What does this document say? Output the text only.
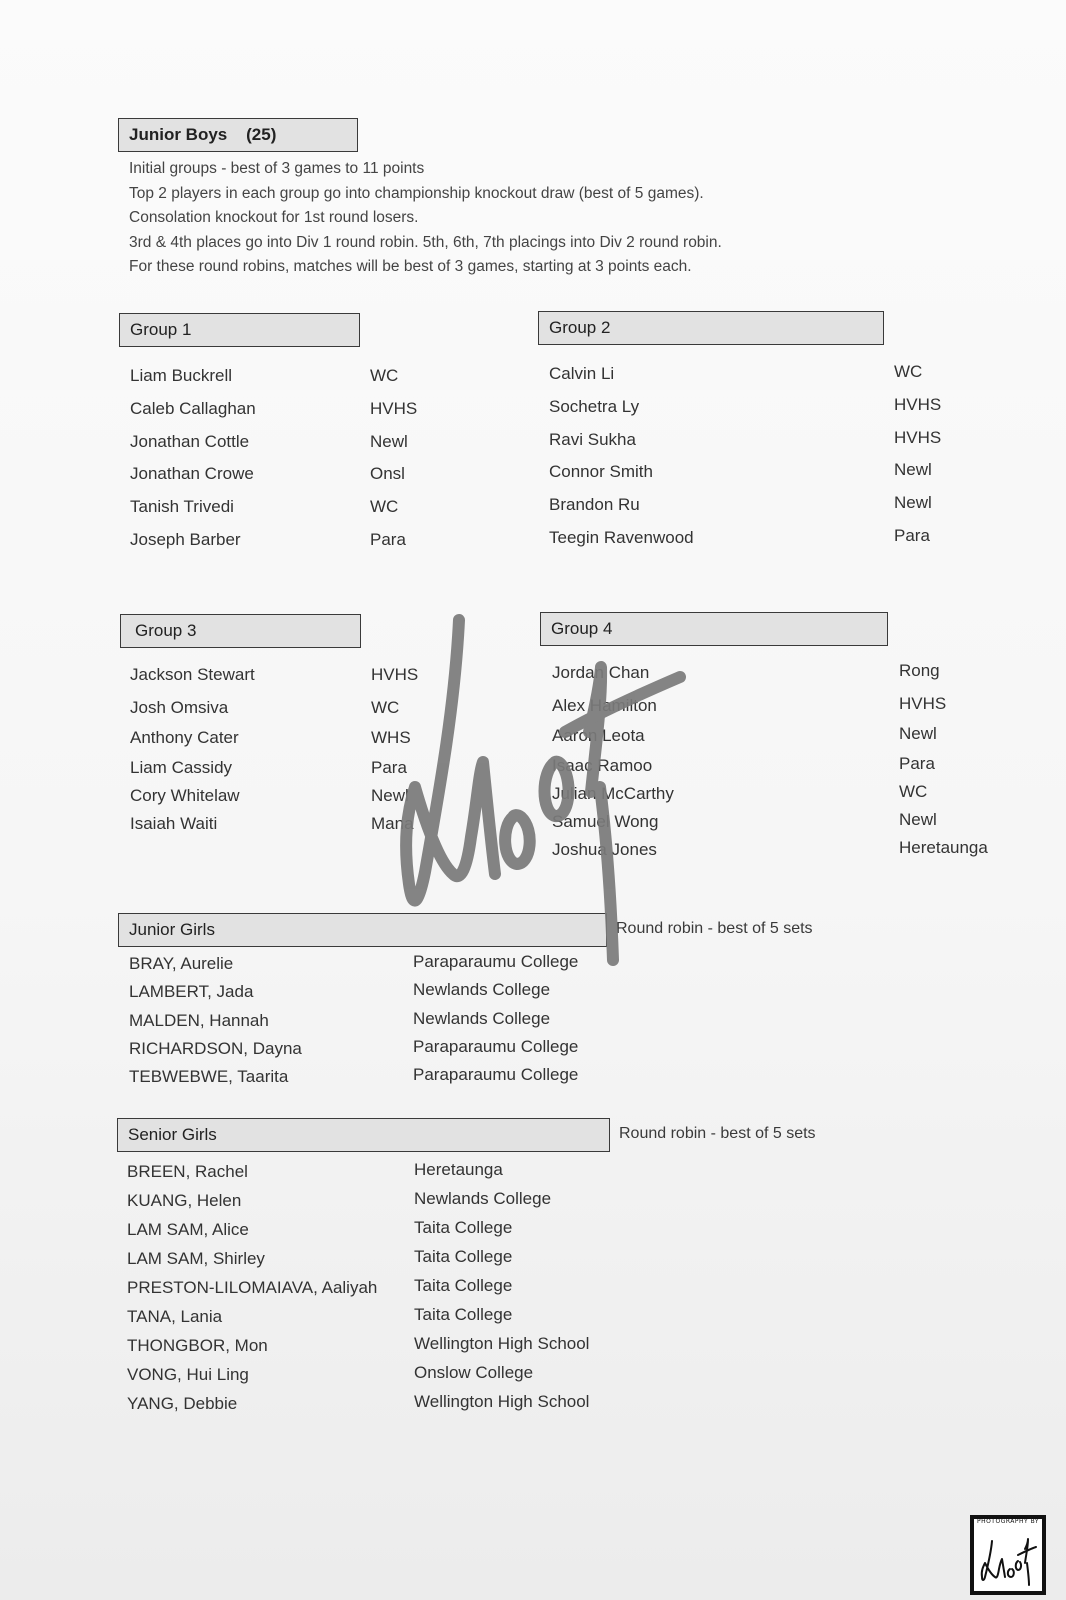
Junior Boys    (25)
Initial groups - best of 3 games to 11 points
Top 2 players in each group go into championship knockout draw (best of 5 games).
Consolation knockout for 1st round losers.
3rd & 4th places go into Div 1 round robin. 5th, 6th, 7th placings into Div 2 round robin.
For these round robins, matches will be best of 3 games, starting at 3 points each.
Group 1
Liam Buckrell
Caleb Callaghan
Jonathan Cottle
Jonathan Crowe
Tanish Trivedi
Joseph Barber
WC
HVHS
Newl
Onsl
WC
Para
Group 2
Calvin Li
Sochetra Ly
Ravi Sukha
Connor Smith
Brandon Ru
Teegin Ravenwood
WC
HVHS
HVHS
Newl
Newl
Para
Group 3
Jackson Stewart
Josh Omsiva
Anthony Cater
Liam Cassidy
Cory Whitelaw
Isaiah Waiti
HVHS
WC
WHS
Para
Newl
Mana
Group 4
Jordan Chan
Alex Hamilton
Aaron Leota
Isaac Ramoo
Julian McCarthy
Samuel Wong
Joshua Jones
Rong
HVHS
Newl
Para
WC
Newl
Heretaunga
Junior Girls	Round robin - best of 5 sets
BRAY, Aurelie
LAMBERT, Jada
MALDEN, Hannah
RICHARDSON, Dayna
TEBWEBWE, Taarita
Paraparaumu College
Newlands College
Newlands College
Paraparaumu College
Paraparaumu College
Senior Girls	Round robin - best of 5 sets
BREEN, Rachel
KUANG, Helen
LAM SAM, Alice
LAM SAM, Shirley
PRESTON-LILOMAIAVA, Aaliyah
TANA, Lania
THONGBOR, Mon
VONG, Hui Ling
YANG, Debbie
Heretaunga
Newlands College
Taita College
Taita College
Taita College
Taita College
Wellington High School
Onslow College
Wellington High School
PHOTOGRAPHY BY
